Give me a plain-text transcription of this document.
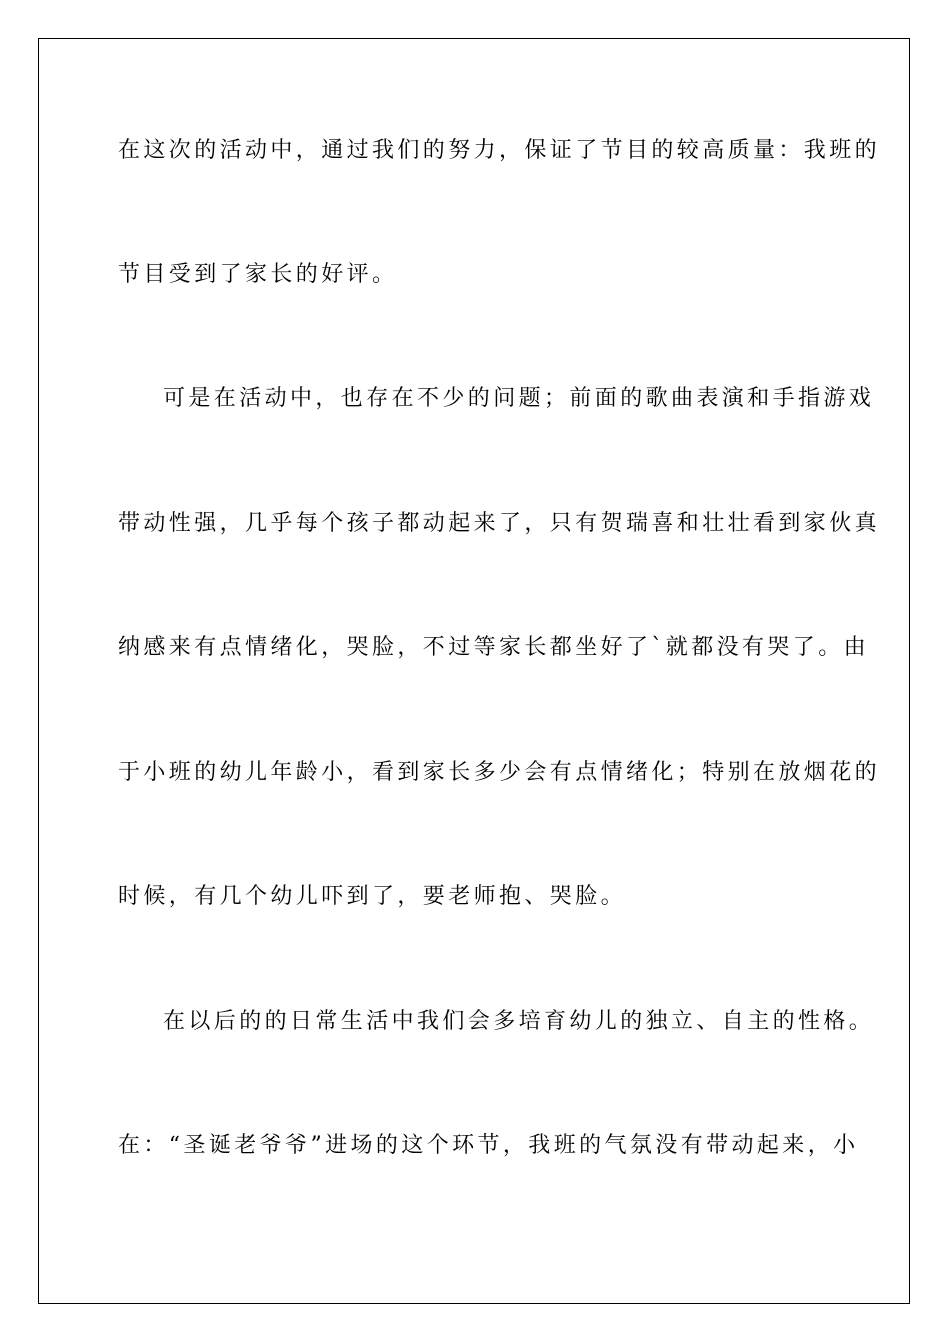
在这次的活动中，通过我们的努力，保证了节目的较高质量：我班的

节目受到了家长的好评。

可是在活动中，也存在不少的问题；前面的歌曲表演和手指游戏

带动性强，几乎每个孩子都动起来了，只有贺瑞喜和壮壮看到家伙真

纳感来有点情绪化，哭脸，不过等家长都坐好了`就都没有哭了。由

于小班的幼儿年龄小，看到家长多少会有点情绪化；特别在放烟花的

时候，有几个幼儿吓到了，要老师抱、哭脸。

在以后的的日常生活中我们会多培育幼儿的独立、自主的性格。

在：“圣诞老爷爷”进场的这个环节，我班的气氛没有带动起来，小
